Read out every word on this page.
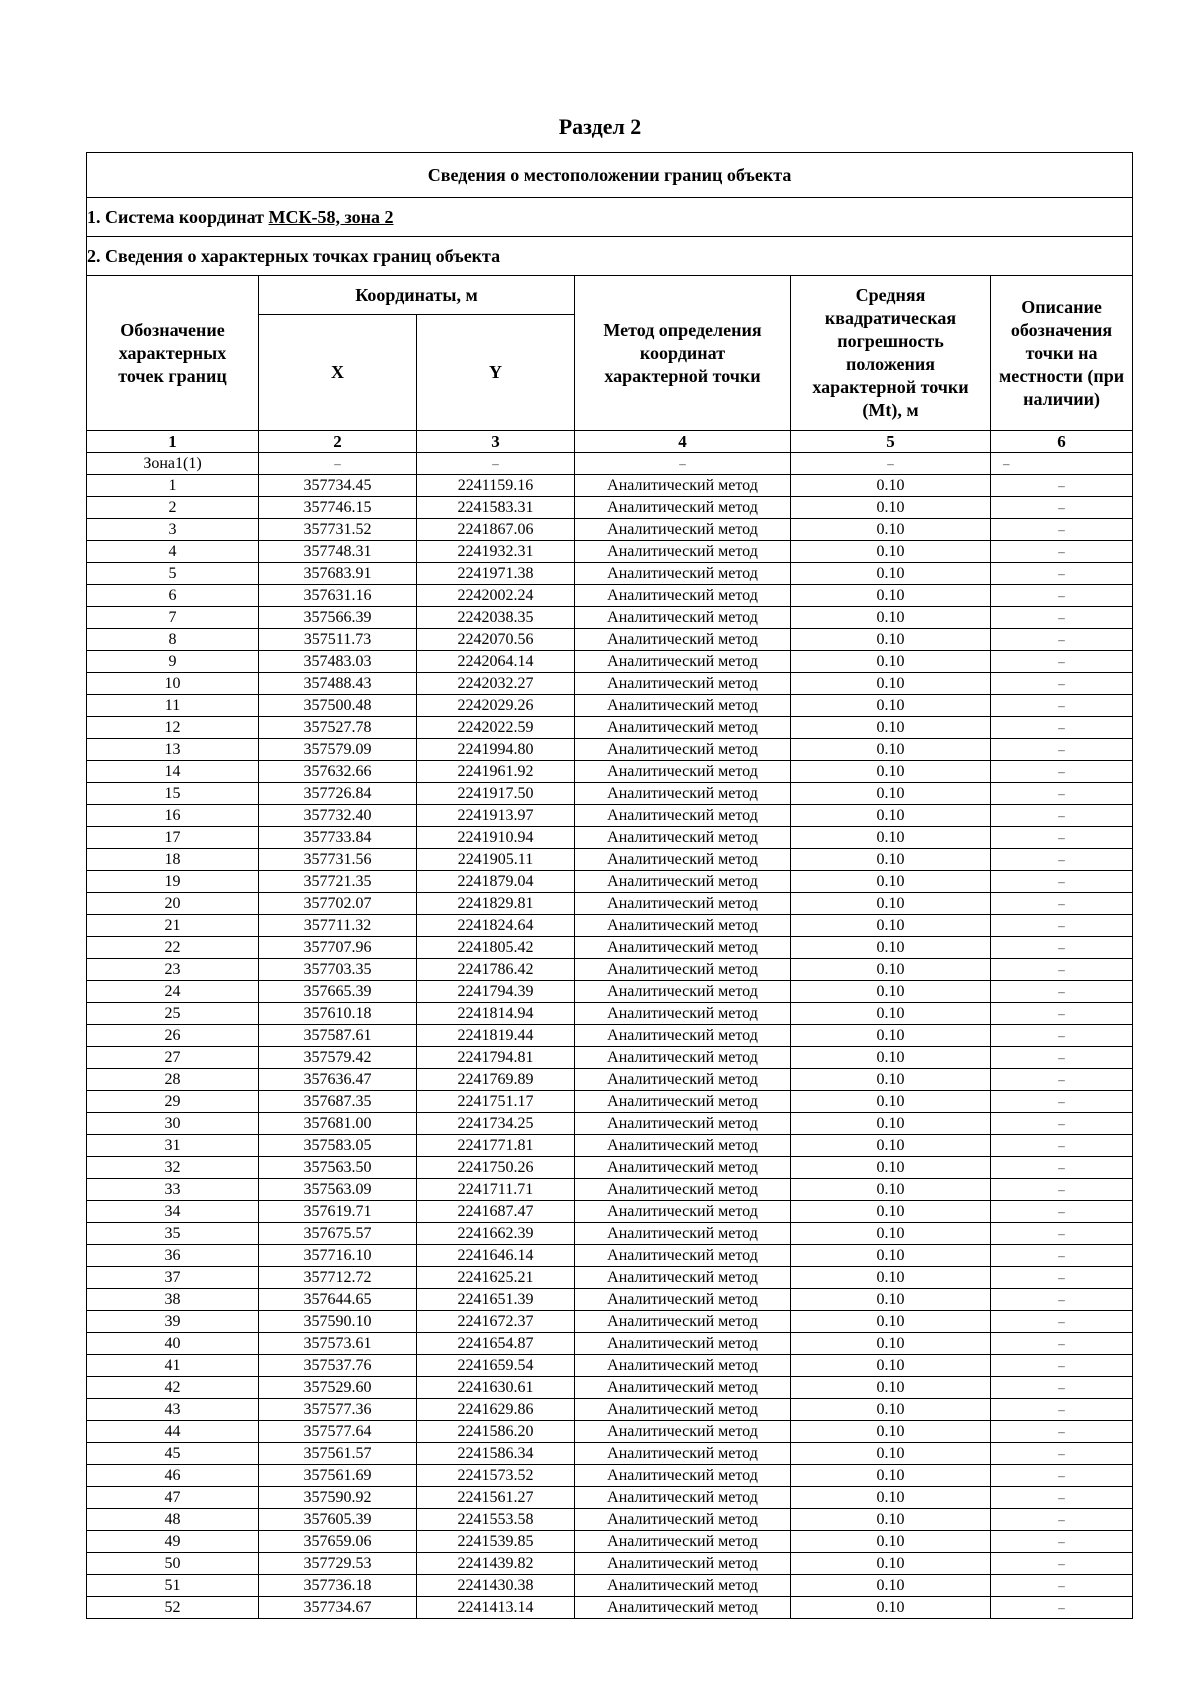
Раздел 2
Сведения о местоположении границ объекта					
1. Система координат МСК-58, зона 2					
2. Сведения о характерных точках границ объекта					
Обозначение характерных точек границ	Координаты, м		Метод определения координат характерной точки	Средняя квадратическая погрешность положения характерной точки (Mt), м	Описание обозначения точки на местности (при наличии)
	X	Y			
1	2	3	4	5	6
Зона1(1)	–	–	–	–	–
1	357734.45	2241159.16	Аналитический метод	0.10	–
2	357746.15	2241583.31	Аналитический метод	0.10	–
3	357731.52	2241867.06	Аналитический метод	0.10	–
4	357748.31	2241932.31	Аналитический метод	0.10	–
5	357683.91	2241971.38	Аналитический метод	0.10	–
6	357631.16	2242002.24	Аналитический метод	0.10	–
7	357566.39	2242038.35	Аналитический метод	0.10	–
8	357511.73	2242070.56	Аналитический метод	0.10	–
9	357483.03	2242064.14	Аналитический метод	0.10	–
10	357488.43	2242032.27	Аналитический метод	0.10	–
11	357500.48	2242029.26	Аналитический метод	0.10	–
12	357527.78	2242022.59	Аналитический метод	0.10	–
13	357579.09	2241994.80	Аналитический метод	0.10	–
14	357632.66	2241961.92	Аналитический метод	0.10	–
15	357726.84	2241917.50	Аналитический метод	0.10	–
16	357732.40	2241913.97	Аналитический метод	0.10	–
17	357733.84	2241910.94	Аналитический метод	0.10	–
18	357731.56	2241905.11	Аналитический метод	0.10	–
19	357721.35	2241879.04	Аналитический метод	0.10	–
20	357702.07	2241829.81	Аналитический метод	0.10	–
21	357711.32	2241824.64	Аналитический метод	0.10	–
22	357707.96	2241805.42	Аналитический метод	0.10	–
23	357703.35	2241786.42	Аналитический метод	0.10	–
24	357665.39	2241794.39	Аналитический метод	0.10	–
25	357610.18	2241814.94	Аналитический метод	0.10	–
26	357587.61	2241819.44	Аналитический метод	0.10	–
27	357579.42	2241794.81	Аналитический метод	0.10	–
28	357636.47	2241769.89	Аналитический метод	0.10	–
29	357687.35	2241751.17	Аналитический метод	0.10	–
30	357681.00	2241734.25	Аналитический метод	0.10	–
31	357583.05	2241771.81	Аналитический метод	0.10	–
32	357563.50	2241750.26	Аналитический метод	0.10	–
33	357563.09	2241711.71	Аналитический метод	0.10	–
34	357619.71	2241687.47	Аналитический метод	0.10	–
35	357675.57	2241662.39	Аналитический метод	0.10	–
36	357716.10	2241646.14	Аналитический метод	0.10	–
37	357712.72	2241625.21	Аналитический метод	0.10	–
38	357644.65	2241651.39	Аналитический метод	0.10	–
39	357590.10	2241672.37	Аналитический метод	0.10	–
40	357573.61	2241654.87	Аналитический метод	0.10	–
41	357537.76	2241659.54	Аналитический метод	0.10	–
42	357529.60	2241630.61	Аналитический метод	0.10	–
43	357577.36	2241629.86	Аналитический метод	0.10	–
44	357577.64	2241586.20	Аналитический метод	0.10	–
45	357561.57	2241586.34	Аналитический метод	0.10	–
46	357561.69	2241573.52	Аналитический метод	0.10	–
47	357590.92	2241561.27	Аналитический метод	0.10	–
48	357605.39	2241553.58	Аналитический метод	0.10	–
49	357659.06	2241539.85	Аналитический метод	0.10	–
50	357729.53	2241439.82	Аналитический метод	0.10	–
51	357736.18	2241430.38	Аналитический метод	0.10	–
52	357734.67	2241413.14	Аналитический метод	0.10	–
